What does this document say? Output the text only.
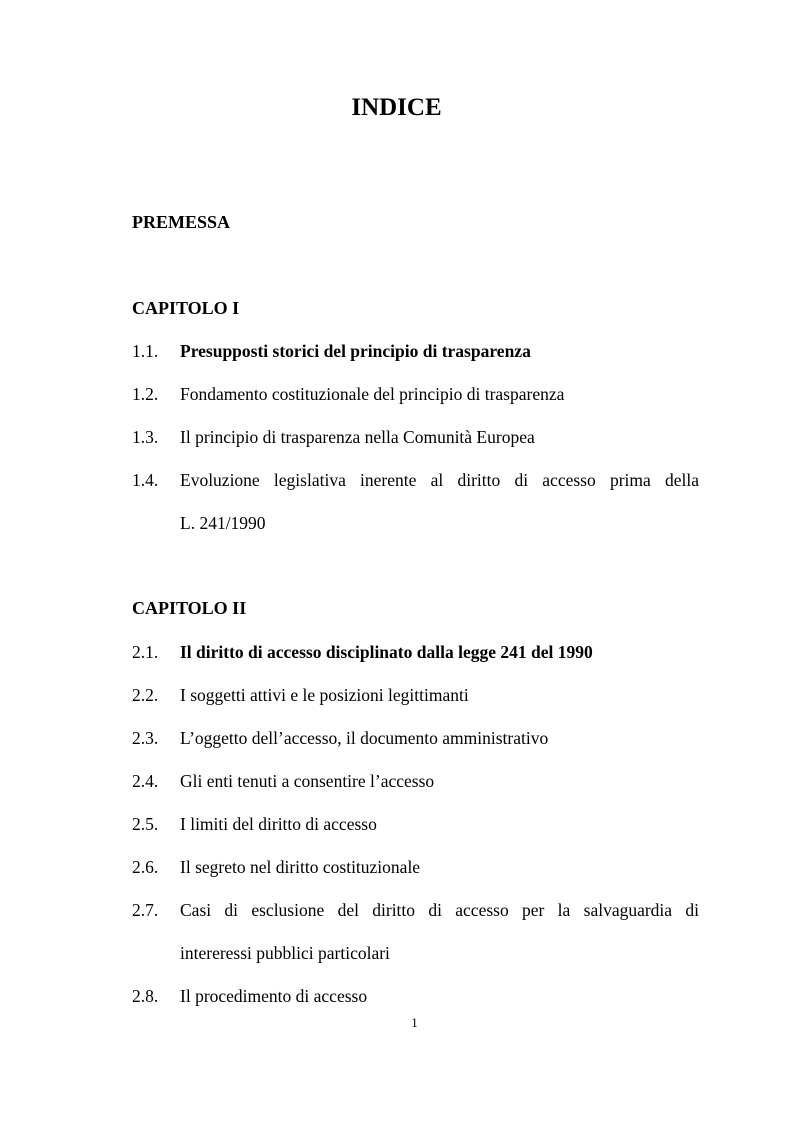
INDICE
PREMESSA
CAPITOLO I
1.1. Presupposti storici del principio di trasparenza
1.2. Fondamento costituzionale del principio di trasparenza
1.3. Il principio di trasparenza nella Comunità Europea
1.4. Evoluzione legislativa inerente al diritto di accesso prima della
L. 241/1990
CAPITOLO II
2.1. Il diritto di accesso disciplinato dalla legge 241 del 1990
2.2. I soggetti attivi e le posizioni legittimanti
2.3. L’oggetto dell’accesso, il documento amministrativo
2.4. Gli enti tenuti a consentire l’accesso
2.5. I limiti del diritto di accesso
2.6. Il segreto nel diritto costituzionale
2.7. Casi di esclusione del diritto di accesso per la salvaguardia di
intereressi pubblici particolari
2.8. Il procedimento di accesso
1
